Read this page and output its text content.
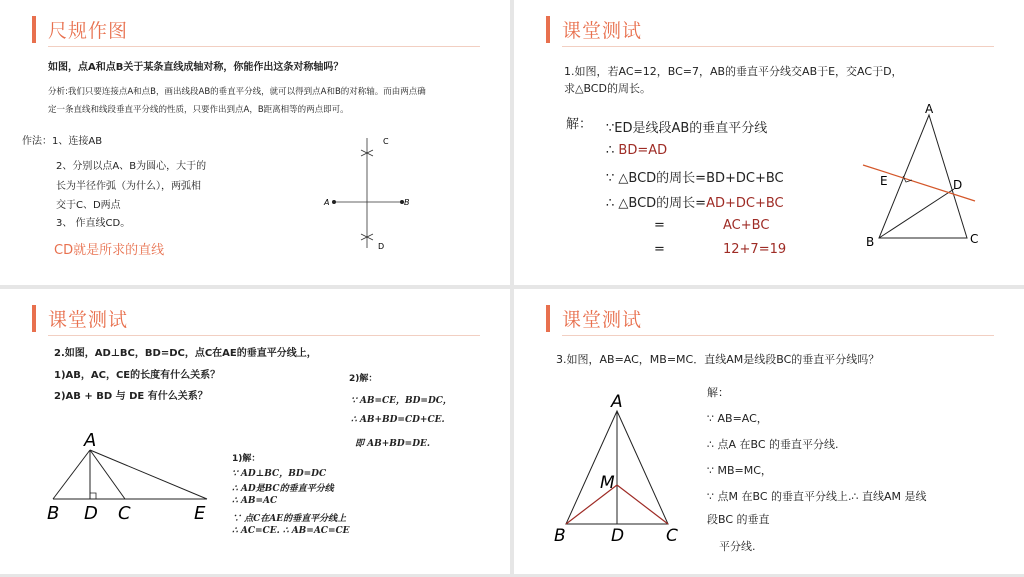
尺规作图
如图，点A和点B关于某条直线成轴对称，你能作出这条对称轴吗？
分析:我们只要连接点A和点B，画出线段AB的垂直平分线，就可以得到点A和B的对称轴。而由两点确
定一条直线和线段垂直平分线的性质，只要作出到点A，B距离相等的两点即可。
作法：1、连接AB
2、分别以点A、B为圆心，大于的
长为半径作弧（为什么），两弧相
交于C、D两点
3、 作直线CD。
CD就是所求的直线
A	B
C
D
课堂测试
1.如图，若AC=12，BC=7，AB的垂直平分线交AB于E，交AC于D，
求△BCD的周长。
解： ∵ED是线段AB的垂直平分线
∴ BD=AD
∵ △BCD的周长=BD+DC+BC
∴ △BCD的周长=AD+DC+BC
=	AC+BC
=	12+7=19
A
B	C
D
E
课堂测试
2.如图，AD⊥BC，BD=DC，点C在AE的垂直平分线上，
1)AB，AC，CE的长度有什么关系？
2)AB + BD 与 DE 有什么关系？
2)解：
∵ AB=CE，BD=DC，
∴ AB+BD=CD+CE.
即 AB+BD=DE.
1)解：
∵ AD⊥BC，BD=DC
∴ AD是BC的垂直平分线
∴ AB=AC
∵ 点C在AE的垂直平分线上
∴ AC=CE. ∴ AB=AC=CE
A
B D C	E
课堂测试
3.如图，AB=AC，MB=MC．直线AM是线段BC的垂直平分线吗？
解：
∵ AB=AC，
∴ 点A 在BC 的垂直平分线.
∵ MB=MC，
∵ 点M 在BC 的垂直平分线上.∴ 直线AM 是线
段BC 的垂直
平分线.
A
M
B	D C
